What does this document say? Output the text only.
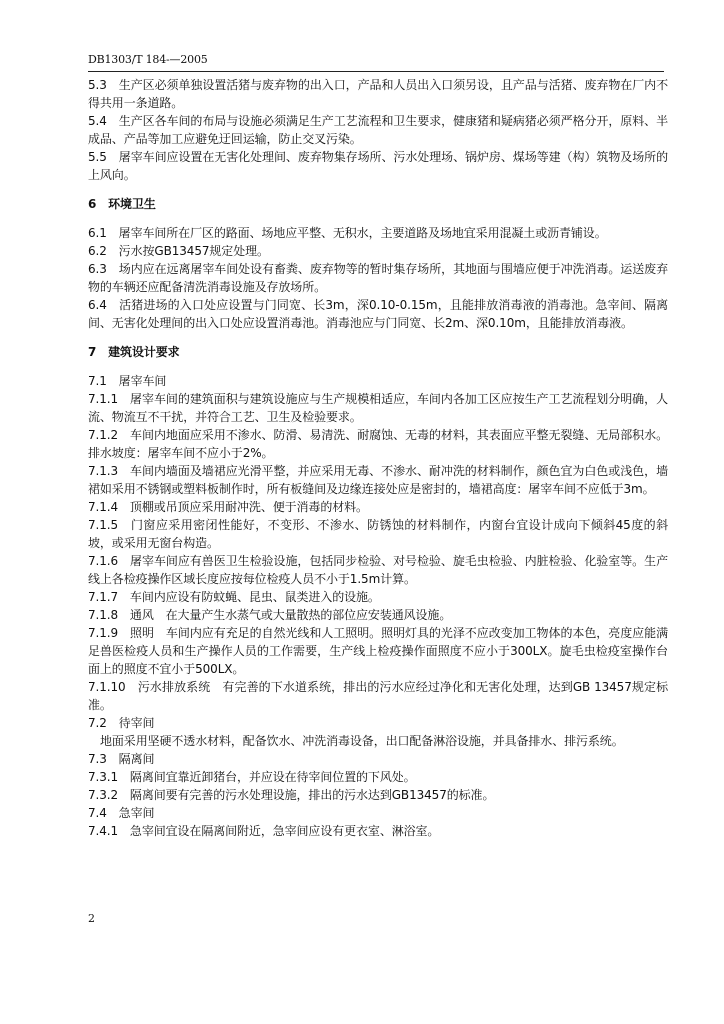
DB1303/T 184-—2005

5.3　生产区必须单独设置活猪与废弃物的出入口，产品和人员出入口须另设，且产品与活猪、废弃物在厂内不得共用一条道路。

5.4　生产区各车间的布局与设施必须满足生产工艺流程和卫生要求，健康猪和疑病猪必须严格分开，原料、半成品、产品等加工应避免迂回运输，防止交叉污染。

5.5　屠宰车间应设置在无害化处理间、废弃物集存场所、污水处理场、锅炉房、煤场等建（构）筑物及场所的上风向。

6　环境卫生

6.1　屠宰车间所在厂区的路面、场地应平整、无积水，主要道路及场地宜采用混凝土或沥青铺设。

6.2　污水按GB13457规定处理。

6.3　场内应在远离屠宰车间处设有畜粪、废弃物等的暂时集存场所，其地面与围墙应便于冲洗消毒。运送废弃物的车辆还应配备清洗消毒设施及存放场所。

6.4　活猪进场的入口处应设置与门同宽、长3m，深0.10-0.15m，且能排放消毒液的消毒池。急宰间、隔离间、无害化处理间的出入口处应设置消毒池。消毒池应与门同宽、长2m、深0.10m，且能排放消毒液。

7　建筑设计要求

7.1　屠宰车间

7.1.1　屠宰车间的建筑面积与建筑设施应与生产规模相适应，车间内各加工区应按生产工艺流程划分明确，人流、物流互不干扰，并符合工艺、卫生及检验要求。

7.1.2　车间内地面应采用不渗水、防滑、易清洗、耐腐蚀、无毒的材料，其表面应平整无裂缝、无局部积水。排水坡度：屠宰车间不应小于2%。

7.1.3　车间内墙面及墙裙应光滑平整，并应采用无毒、不渗水、耐冲洗的材料制作，颜色宜为白色或浅色，墙裙如采用不锈钢或塑料板制作时，所有板缝间及边缘连接处应是密封的，墙裙高度：屠宰车间不应低于3m。

7.1.4　顶棚或吊顶应采用耐冲洗、便于消毒的材料。

7.1.5　门窗应采用密闭性能好，不变形、不渗水、防锈蚀的材料制作，内窗台宜设计成向下倾斜45度的斜坡，或采用无窗台构造。

7.1.6　屠宰车间应有兽医卫生检验设施，包括同步检验、对号检验、旋毛虫检验、内脏检验、化验室等。生产线上各检疫操作区域长度应按每位检疫人员不小于1.5m计算。

7.1.7　车间内应设有防蚊蝇、昆虫、鼠类进入的设施。

7.1.8　通风　在大量产生水蒸气或大量散热的部位应安装通风设施。

7.1.9　照明　车间内应有充足的自然光线和人工照明。照明灯具的光泽不应改变加工物体的本色，亮度应能满足兽医检疫人员和生产操作人员的工作需要，生产线上检疫操作面照度不应小于300LX。旋毛虫检疫室操作台面上的照度不宜小于500LX。

7.1.10　污水排放系统　有完善的下水道系统，排出的污水应经过净化和无害化处理，达到GB 13457规定标准。

7.2　待宰间

地面采用坚硬不透水材料，配备饮水、冲洗消毒设备，出口配备淋浴设施，并具备排水、排污系统。

7.3　隔离间

7.3.1　隔离间宜靠近卸猪台，并应设在待宰间位置的下风处。

7.3.2　隔离间要有完善的污水处理设施，排出的污水达到GB13457的标准。

7.4　急宰间

7.4.1　急宰间宜设在隔离间附近，急宰间应设有更衣室、淋浴室。

2
